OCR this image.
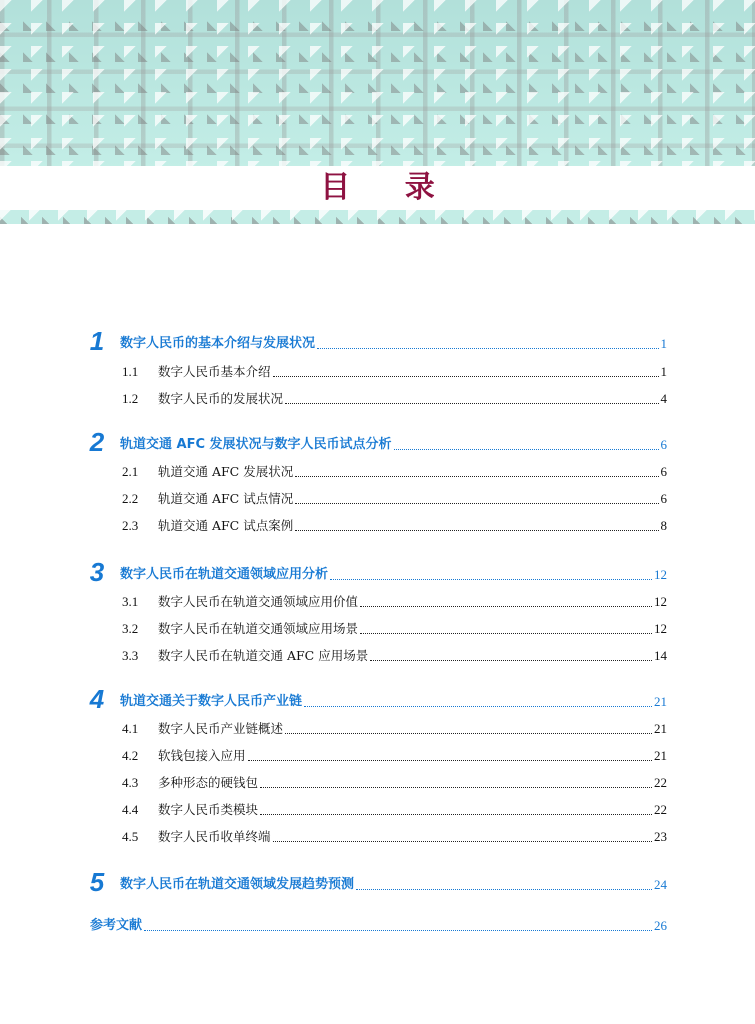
目 录
1 数字人民币的基本介绍与发展状况	1
1.1	数字人民币基本介绍	1
1.2	数字人民币的发展状况	4
2 轨道交通 AFC 发展状况与数字人民币试点分析	6
2.1	轨道交通 AFC 发展状况	6
2.2	轨道交通 AFC 试点情况	6
2.3	轨道交通 AFC 试点案例	8
3 数字人民币在轨道交通领域应用分析	12
3.1	数字人民币在轨道交通领域应用价值	12
3.2	数字人民币在轨道交通领域应用场景	12
3.3	数字人民币在轨道交通 AFC 应用场景	14
4 轨道交通关于数字人民币产业链	21
4.1	数字人民币产业链概述	21
4.2	软钱包接入应用	21
4.3	多种形态的硬钱包	22
4.4	数字人民币类模块	22
4.5	数字人民币收单终端	23
5 数字人民币在轨道交通领域发展趋势预测	24
参考文献	26
